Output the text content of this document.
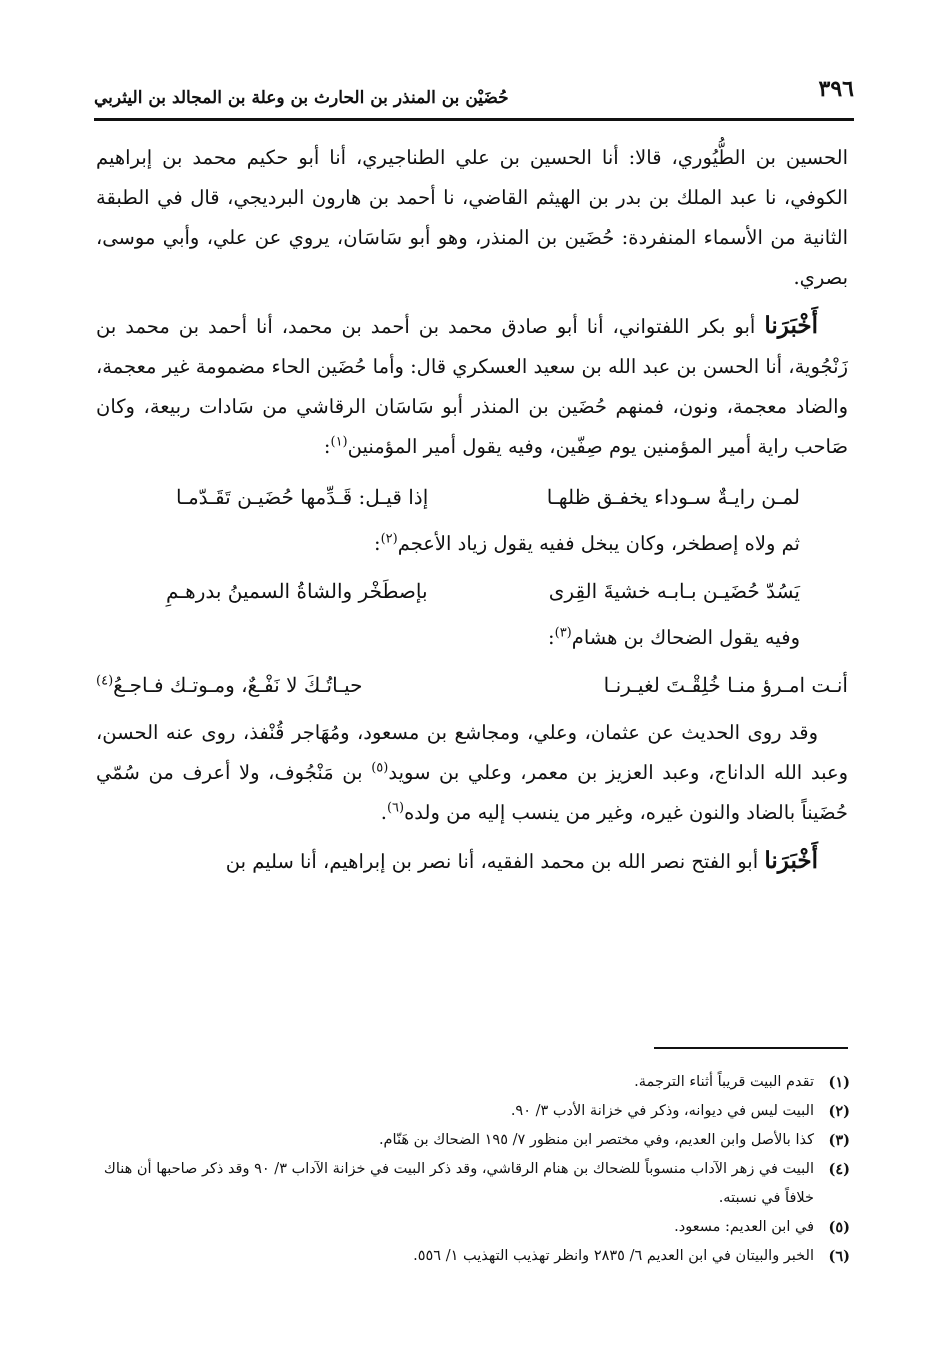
٣٩٦
حُضَيْن بن المنذر بن الحارث بن وعلة بن المجالد بن اليثربي

الحسين بن الطُّيُوري، قالا: أنا الحسين بن علي الطناجيري، أنا أبو حكيم محمد بن إبراهيم الكوفي، نا عبد الملك بن بدر بن الهيثم القاضي، نا أحمد بن هارون البرديجي، قال في الطبقة الثانية من الأسماء المنفردة: حُضَين بن المنذر، وهو أبو سَاسَان، يروي عن علي، وأبي موسى، بصري.

أَخْبَرَنا أبو بكر اللفتواني، أنا أبو صادق محمد بن أحمد بن محمد، أنا أحمد بن محمد بن زَنْجُوية، أنا الحسن بن عبد الله بن سعيد العسكري قال: وأما حُضَين الحاء مضمومة غير معجمة، والضاد معجمة، ونون، فمنهم حُضَين بن المنذر أبو سَاسَان الرقاشي من سَادات ربيعة، وكان صَاحب راية أمير المؤمنين يوم صِفّين، وفيه يقول أمير المؤمنين$^{(١)}$:

لمـن رايـةٌ سـوداء يخفـق ظلهـا
إذا قيـل: قَـدِّمها حُضَيـن تَقَـدّمـا
ثم ولاه إصطخر، وكان يبخل ففيه يقول زياد الأعجم$^{(٢)}$:
يَسُدّ حُضَيـن بـابـه خشيةَ القِرى
بإصطَخْر والشاةُ السمينُ بدرهـمِ
وفيه يقول الضحاك بن هشام$^{(٣)}$:
أنـت امـرؤ منـا خُلِقْـتَ لغيـرنـا
حيـاتُـكَ لا نَفْـعٌ، ومـوتـك فـاجـعُ$^{(٤)}$

وقد روى الحديث عن عثمان، وعلي، ومجاشع بن مسعود، ومُهَاجر قُنْفذ، روى عنه الحسن، وعبد الله الداناج، وعبد العزيز بن معمر، وعلي بن سويد$^{(٥)}$ بن مَنْجُوف، ولا أعرف من سُمّي حُضَيناً بالضاد والنون غيره، وغير من ينسب إليه من ولده$^{(٦)}$.

أَخْبَرَنا أبو الفتح نصر الله بن محمد الفقيه، أنا نصر بن إبراهيم، أنا سليم بن

(١)
تقدم البيت قريباً أثناء الترجمة.
(٢)
البيت ليس في ديوانه، وذكر في خزانة الأدب ٣/ ٩٠.
(٣)
كذا بالأصل وابن العديم، وفي مختصر ابن منظور ٧/ ١٩٥ الضحاك بن هَنّام.
(٤)
البيت في زهر الآداب منسوباً للضحاك بن هنام الرقاشي، وقد ذكر البيت في خزانة الآداب ٣/ ٩٠ وقد ذكر صاحبها أن هناك خلافاً في نسبته.
(٥)
في ابن العديم: مسعود.
(٦)
الخبر والبيتان في ابن العديم ٦/ ٢٨٣٥ وانظر تهذيب التهذيب ١/ ٥٥٦.
